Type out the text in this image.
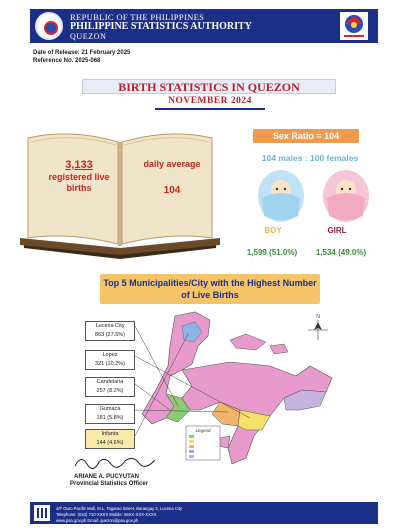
REPUBLIC OF THE PHILIPPINES
PHILIPPINE STATISTICS AUTHORITY
QUEZON
Date of Release: 21 February 2025
Reference No. 2025-068
BIRTH STATISTICS IN QUEZON
NOVEMBER 2024
3,133
registered live births
daily average
104
Sex Ratio = 104
104 males : 100 females
BOY	GIRL
1,599 (51.0%)	1,534 (49.0%)
Top 5 Municipalities/City with the Highest Number of Live Births
N
Legend
Lucena City
863 (27.5%)
Lopez
321 (10.2%)
Candelaria
257 (8.2%)
Gumaca
181 (5.8%)
Infanta
144 (4.6%)
ARIANE A. PUCYUTAN
Provincial Statistics Officer
4/F Ouro Pacific Mall, M.L. Tagarao Street, Barangay 3, Lucena City
Telephone: (042) 710-XXXX Mobile: 09XX-XXX-XXXX
www.psa.gov.ph Email: quezon@psa.gov.ph
